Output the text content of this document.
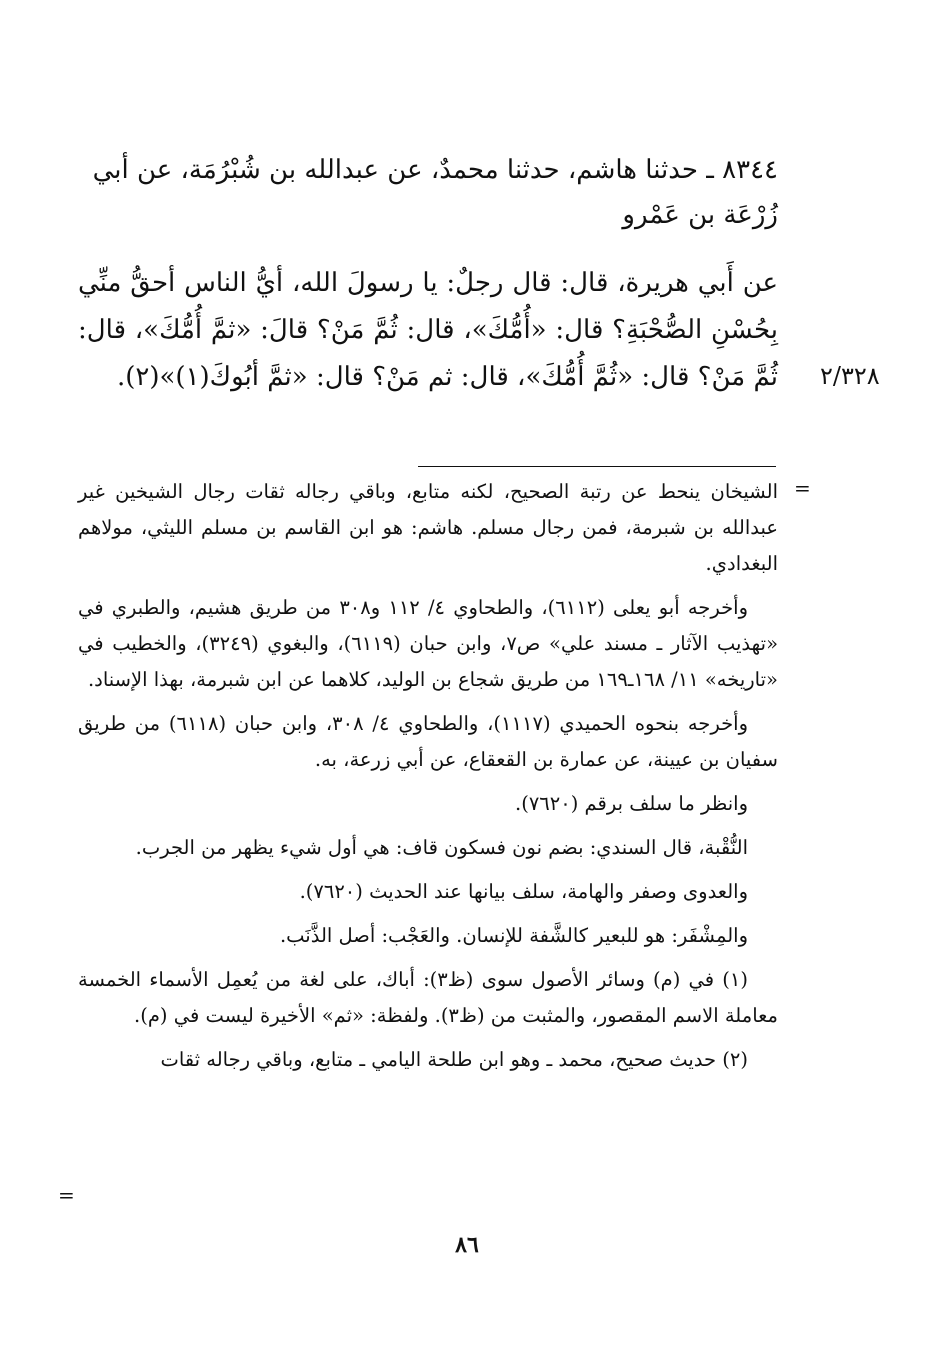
٨٣٤٤ ـ حدثنا هاشم، حدثنا محمدٌ، عن عبدالله بن شُبْرُمَة، عن أبي
زُرْعَة بن عَمْرو
عن أَبي هريرة، قال: قال رجلٌ: يا رسولَ الله، أيُّ الناس أحقُّ منِّي بِحُسْنِ الصُّحْبَةِ؟ قال: «أُمُّكَ»، قال: ثُمَّ مَنْ؟ قالَ: «ثمَّ أُمُّكَ»، قال: ثُمَّ مَنْ؟ قال: «ثُمَّ أُمُّكَ»، قال: ثم مَنْ؟ قال: «ثمَّ أبُوكَ(١)»(٢). ٢/٣٢٨
=

الشيخان ينحط عن رتبة الصحيح، لكنه متابع، وباقي رجاله ثقات رجال الشيخين غير عبدالله بن شبرمة، فمن رجال مسلم. هاشم: هو ابن القاسم بن مسلم الليثي، مولاهم البغدادي.

وأخرجه أبو يعلى (٦١١٢)، والطحاوي ٤/ ١١٢ و٣٠٨ من طريق هشيم، والطبري في «تهذيب الآثار ـ مسند علي» ص٧، وابن حبان (٦١١٩)، والبغوي (٣٢٤٩)، والخطيب في «تاريخه» ١١/ ١٦٨ـ١٦٩ من طريق شجاع بن الوليد، كلاهما عن ابن شبرمة، بهذا الإسناد.

وأخرجه بنحوه الحميدي (١١١٧)، والطحاوي ٤/ ٣٠٨، وابن حبان (٦١١٨) من طريق سفيان بن عيينة، عن عمارة بن القعقاع، عن أبي زرعة، به.

وانظر ما سلف برقم (٧٦٢٠).

النُّقْبة، قال السندي: بضم نون فسكون قاف: هي أول شيء يظهر من الجرب.

والعدوى وصفر والهامة، سلف بيانها عند الحديث (٧٦٢٠).

والمِشْفَر: هو للبعير كالشَّفة للإنسان. والعَجْب: أصل الذَّنَب.

(١) في (م) وسائر الأصول سوى (ظ٣): أباك، على لغة من يُعمِل الأسماء الخمسة معاملة الاسم المقصور، والمثبت من (ظ٣). ولفظة: «ثم» الأخيرة ليست في (م).

(٢) حديث صحيح، محمد ـ وهو ابن طلحة اليامي ـ متابع، وباقي رجاله ثقات

=
٨٦
